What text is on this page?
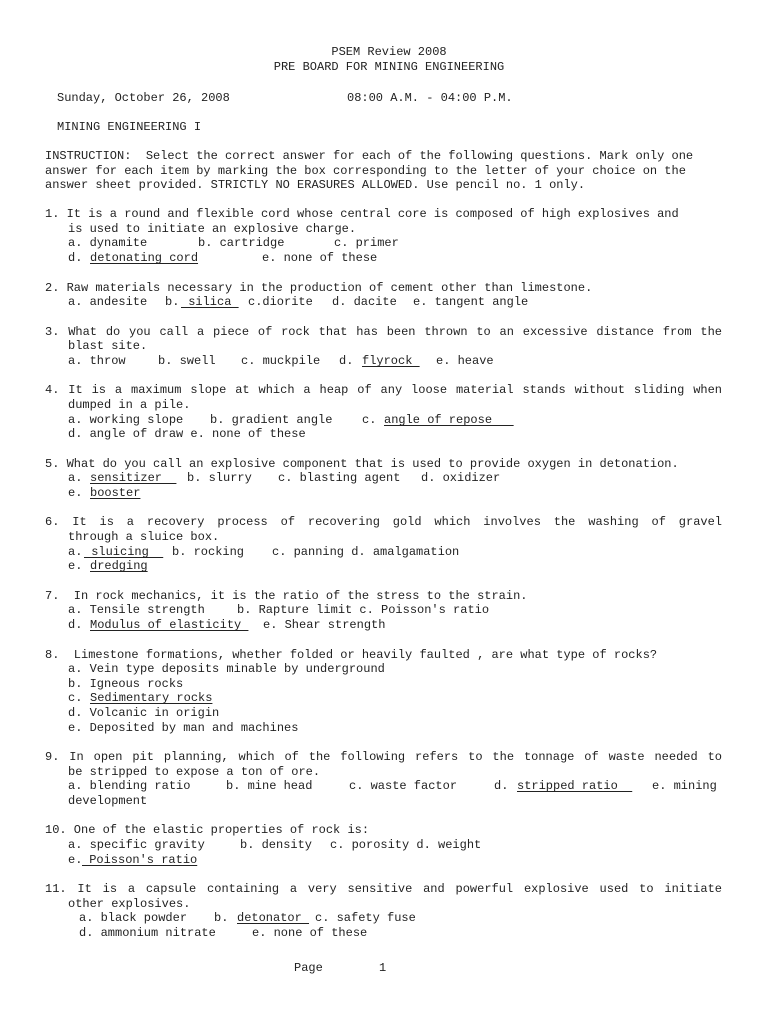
PSEM Review 2008
PRE BOARD FOR MINING ENGINEERING
Sunday, October 26, 2008	08:00 A.M. - 04:00 P.M.
MINING ENGINEERING I
INSTRUCTION:  Select the correct answer for each of the following questions. Mark only one
answer for each item by marking the box corresponding to the letter of your choice on the
answer sheet provided. STRICTLY NO ERASURES ALLOWED. Use pencil no. 1 only.
1. It is a round and flexible cord whose central core is composed of high explosives and
is used to initiate an explosive charge.
a. dynamite	b. cartridge	c. primer
d. detonating cord	e. none of these
2. Raw materials necessary in the production of cement other than limestone.
a. andesite b. silica c.diorite d. dacite e. tangent angle
3. What do you call a piece of rock that has been thrown to an excessive distance from the
blast site.
a. throw	b. swell c. muckpile d. flyrock e. heave
4. It is a maximum slope at which a heap of any loose material stands without sliding when
dumped in a pile.
a. working slope b. gradient angle c. angle of repose
d. angle of draw e. none of these
5. What do you call an explosive component that is used to provide oxygen in detonation.
a. sensitizer b. slurry c. blasting agent d. oxidizer
e. booster
6. It is a recovery process of recovering gold which involves the washing of gravel
through a sluice box.
a. sluicing b. rocking c. panning d. amalgamation
e. dredging
7.  In rock mechanics, it is the ratio of the stress to the strain.
a. Tensile strength	b. Rapture limit c. Poisson's ratio
d. Modulus of elasticity e. Shear strength
8.  Limestone formations, whether folded or heavily faulted , are what type of rocks?
a. Vein type deposits minable by underground
b. Igneous rocks
c. Sedimentary rocks
d. Volcanic in origin
e. Deposited by man and machines
9. In open pit planning, which of the following refers to the tonnage of waste needed to
be stripped to expose a ton of ore.
a. blending ratio	b. mine head	c. waste factor	d. stripped ratio e. mining
development
10. One of the elastic properties of rock is:
a. specific gravity	b. density c. porosity d. weight
e. Poisson's ratio
11. It is a capsule containing a very sensitive and powerful explosive used to initiate
other explosives.
a. black powder b. detonator c. safety fuse
d. ammonium nitrate	e. none of these
Page	1
